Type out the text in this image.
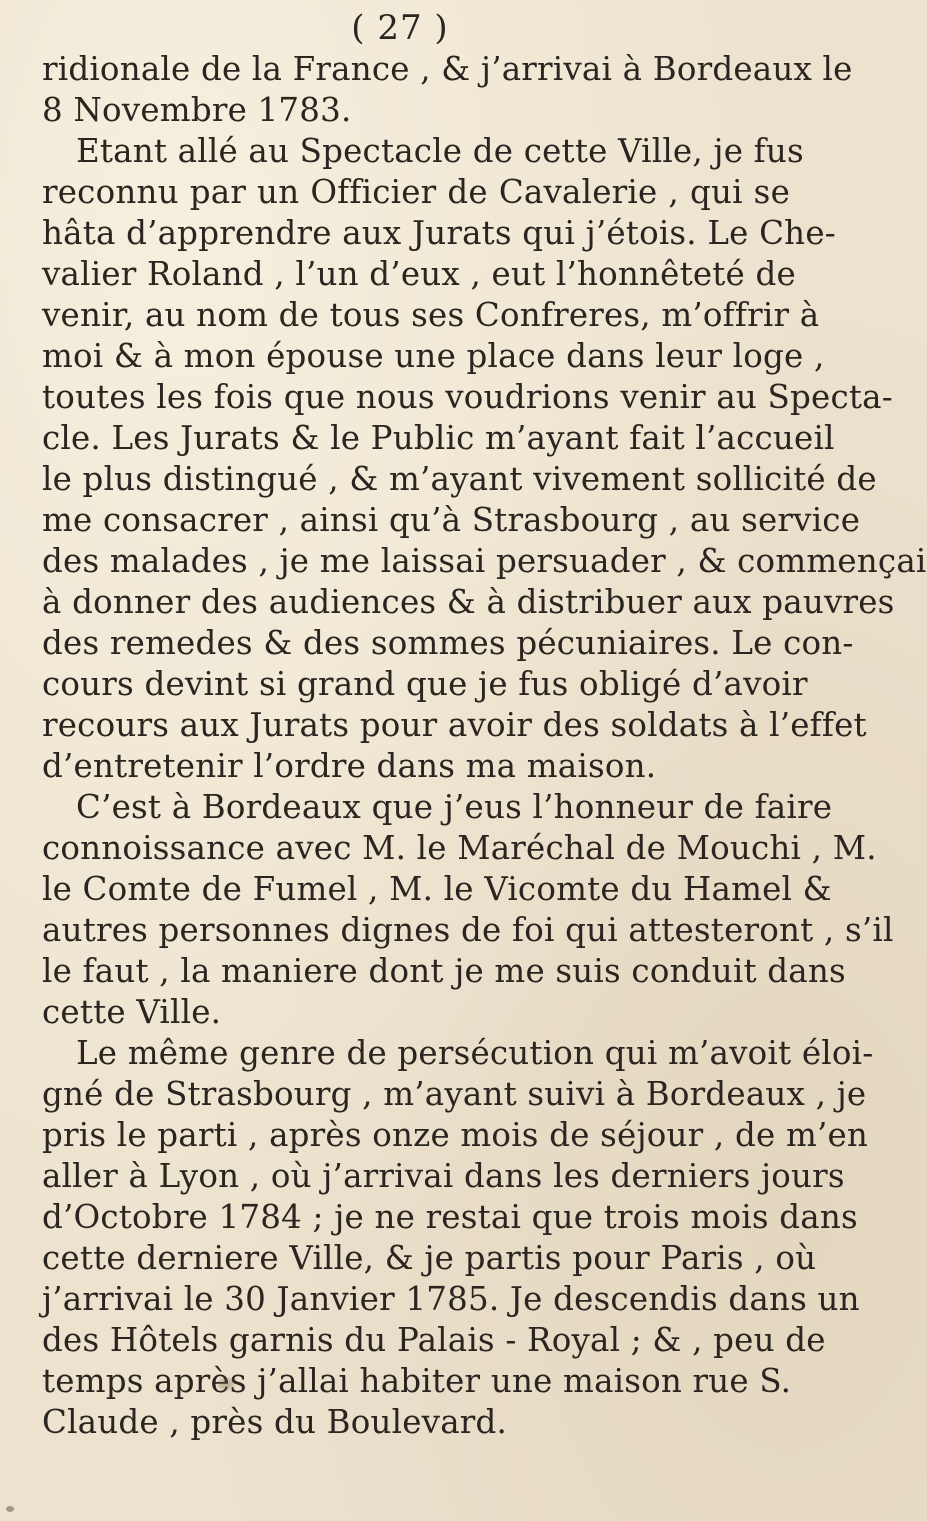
( 27 )
ridionale de la France , & j’arrivai à Bordeaux le
8 Novembre 1783.
Etant allé au Spectacle de cette Ville, je fus
reconnu par un Officier de Cavalerie , qui se
hâta d’apprendre aux Jurats qui j’étois. Le Che-
valier Roland , l’un d’eux , eut l’honnêteté de
venir, au nom de tous ses Confreres, m’offrir à
moi & à mon épouse une place dans leur loge ,
toutes les fois que nous voudrions venir au Specta-
cle. Les Jurats & le Public m’ayant fait l’accueil
le plus distingué , & m’ayant vivement sollicité de
me consacrer , ainsi qu’à Strasbourg , au service
des malades , je me laissai persuader , & commençai
à donner des audiences & à distribuer aux pauvres
des remedes & des sommes pécuniaires. Le con-
cours devint si grand que je fus obligé d’avoir
recours aux Jurats pour avoir des soldats à l’effet
d’entretenir l’ordre dans ma maison.
C’est à Bordeaux que j’eus l’honneur de faire
connoissance avec M. le Maréchal de Mouchi , M.
le Comte de Fumel , M. le Vicomte du Hamel &
autres personnes dignes de foi qui attesteront , s’il
le faut , la maniere dont je me suis conduit dans
cette Ville.
Le même genre de persécution qui m’avoit éloi-
gné de Strasbourg , m’ayant suivi à Bordeaux , je
pris le parti , après onze mois de séjour , de m’en
aller à Lyon , où j’arrivai dans les derniers jours
d’Octobre 1784 ; je ne restai que trois mois dans
cette derniere Ville, & je partis pour Paris , où
j’arrivai le 30 Janvier 1785. Je descendis dans un
des Hôtels garnis du Palais - Royal ; & , peu de
temps après j’allai habiter une maison rue S.
Claude , près du Boulevard.
